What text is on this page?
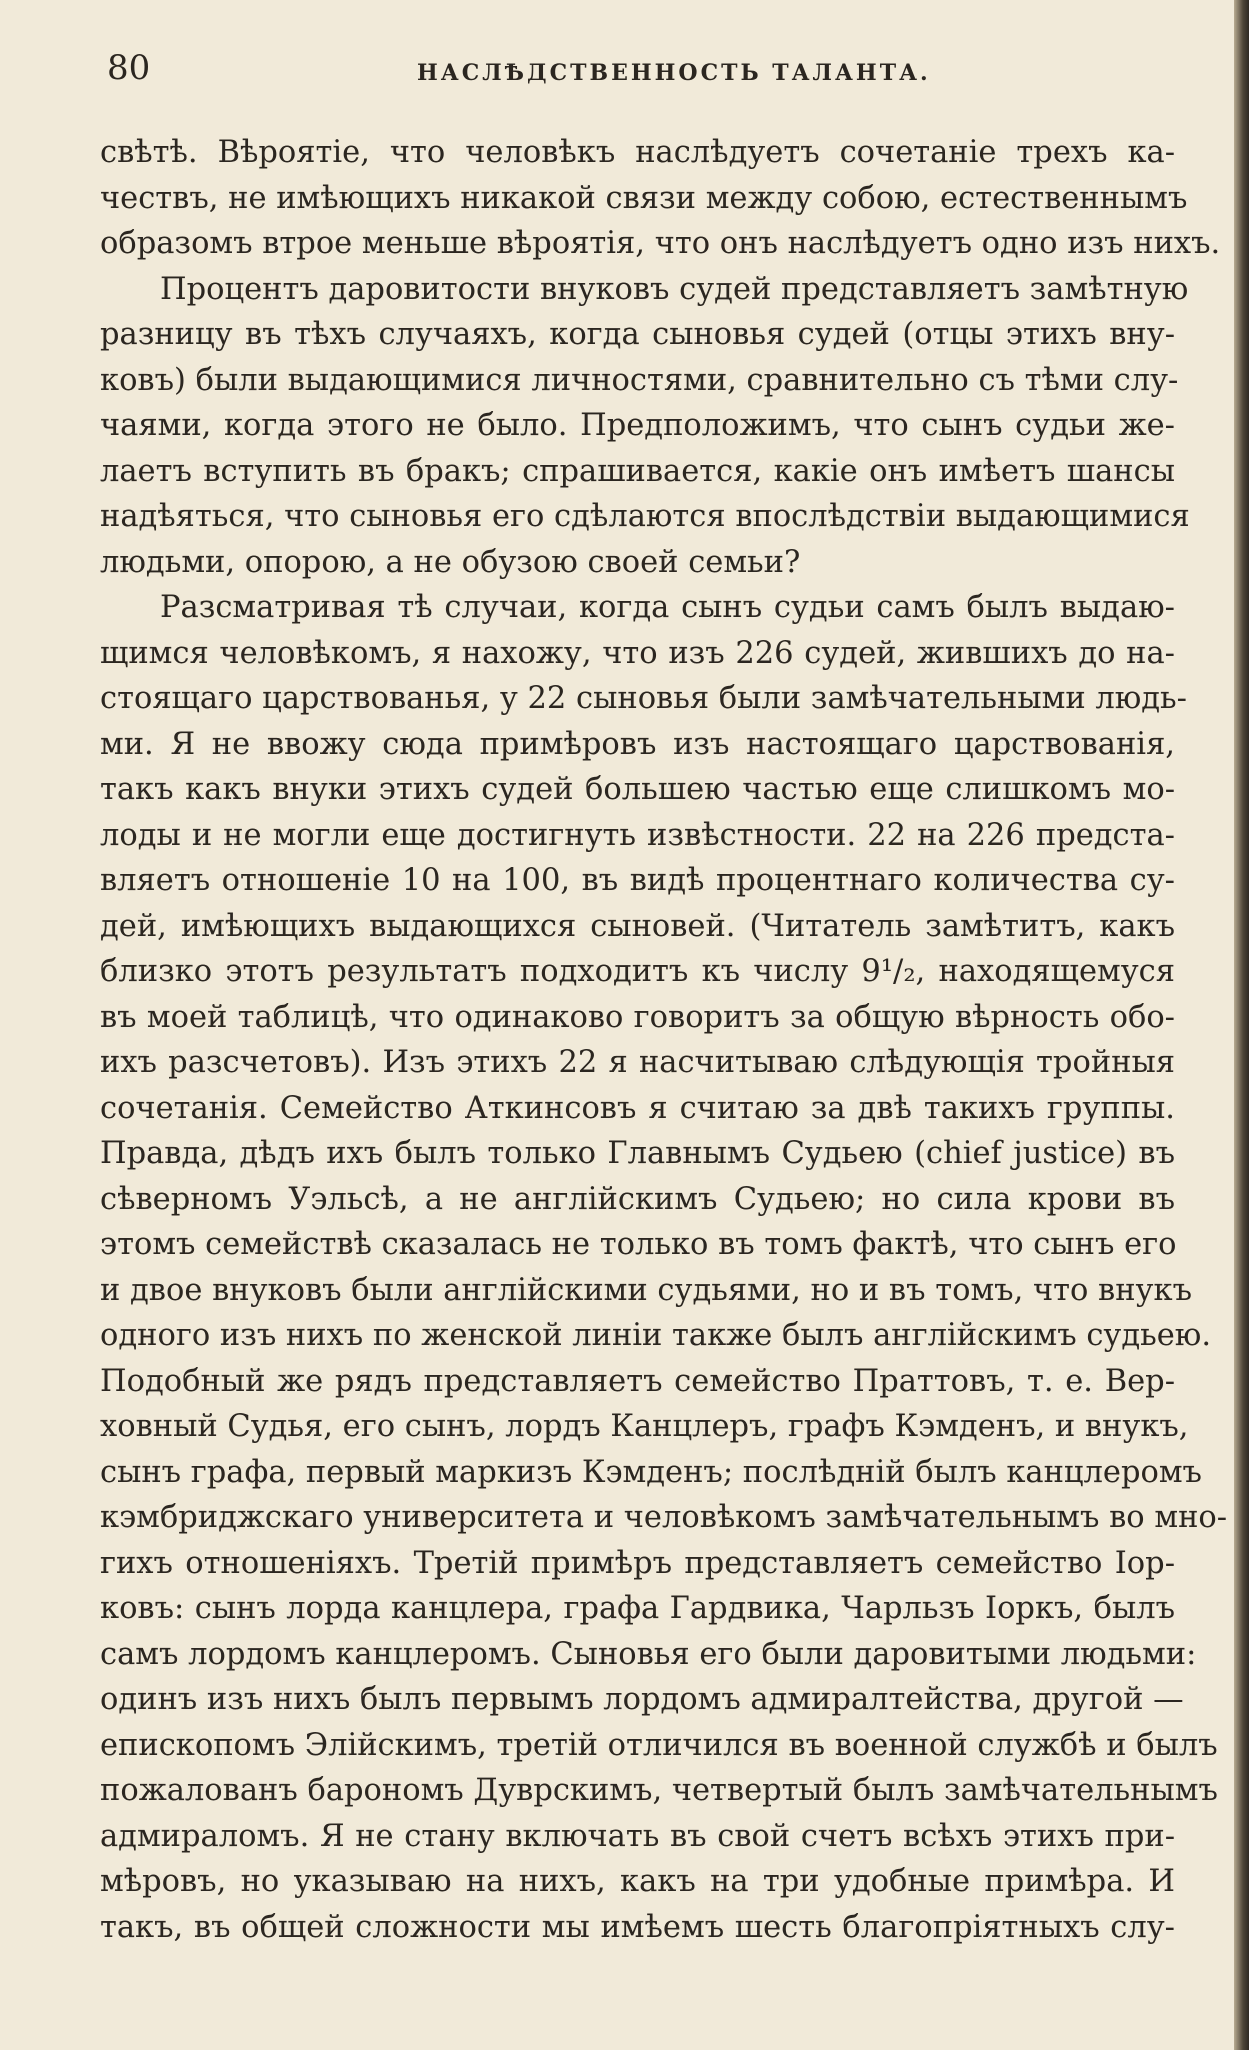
80	НАСЛѢДСТВЕННОСТЬ ТАЛАНТА.
свѣтѣ. Вѣроятіе, что человѣкъ наслѣдуетъ сочетаніе трехъ ка-
чествъ, не имѣющихъ никакой связи между собою, естественнымъ
образомъ втрое меньше вѣроятія, что онъ наслѣдуетъ одно изъ нихъ.
Процентъ даровитости внуковъ судей представляетъ замѣтную
разницу въ тѣхъ случаяхъ, когда сыновья судей (отцы этихъ вну-
ковъ) были выдающимися личностями, сравнительно съ тѣми слу-
чаями, когда этого не было. Предположимъ, что сынъ судьи же-
лаетъ вступить въ бракъ; спрашивается, какіе онъ имѣетъ шансы
надѣяться, что сыновья его сдѣлаются впослѣдствіи выдающимися
людьми, опорою, а не обузою своей семьи?
Разсматривая тѣ случаи, когда сынъ судьи самъ былъ выдаю-
щимся человѣкомъ, я нахожу, что изъ 226 судей, жившихъ до на-
стоящаго царствованья, у 22 сыновья были замѣчательными людь-
ми. Я не ввожу сюда примѣровъ изъ настоящаго царствованія,
такъ какъ внуки этихъ судей большею частью еще слишкомъ мо-
лоды и не могли еще достигнуть извѣстности. 22 на 226 предста-
вляетъ отношеніе 10 на 100, въ видѣ процентнаго количества су-
дей, имѣющихъ выдающихся сыновей. (Читатель замѣтитъ, какъ
близко этотъ результатъ подходитъ къ числу 9¹/₂, находящемуся
въ моей таблицѣ, что одинаково говоритъ за общую вѣрность обо-
ихъ разсчетовъ). Изъ этихъ 22 я насчитываю слѣдующія тройныя
сочетанія. Семейство Аткинсовъ я считаю за двѣ такихъ группы.
Правда, дѣдъ ихъ былъ только Главнымъ Судьею (chief justice) въ
сѣверномъ Уэльсѣ, а не англійскимъ Судьею; но сила крови въ
этомъ семействѣ сказалась не только въ томъ фактѣ, что сынъ его
и двое внуковъ были англійскими судьями, но и въ томъ, что внукъ
одного изъ нихъ по женской линіи также былъ англійскимъ судьею.
Подобный же рядъ представляетъ семейство Праттовъ, т. е. Вер-
ховный Судья, его сынъ, лордъ Канцлеръ, графъ Кэмденъ, и внукъ,
сынъ графа, первый маркизъ Кэмденъ; послѣдній былъ канцлеромъ
кэмбриджскаго университета и человѣкомъ замѣчательнымъ во мно-
гихъ отношеніяхъ. Третій примѣръ представляетъ семейство Іор-
ковъ: сынъ лорда канцлера, графа Гардвика, Чарльзъ Іоркъ, былъ
самъ лордомъ канцлеромъ. Сыновья его были даровитыми людьми:
одинъ изъ нихъ былъ первымъ лордомъ адмиралтейства, другой —
епископомъ Элійскимъ, третій отличился въ военной службѣ и былъ
пожалованъ барономъ Дуврскимъ, четвертый былъ замѣчательнымъ
адмираломъ. Я не стану включать въ свой счетъ всѣхъ этихъ при-
мѣровъ, но указываю на нихъ, какъ на три удобные примѣра. И
такъ, въ общей сложности мы имѣемъ шесть благопріятныхъ слу-
